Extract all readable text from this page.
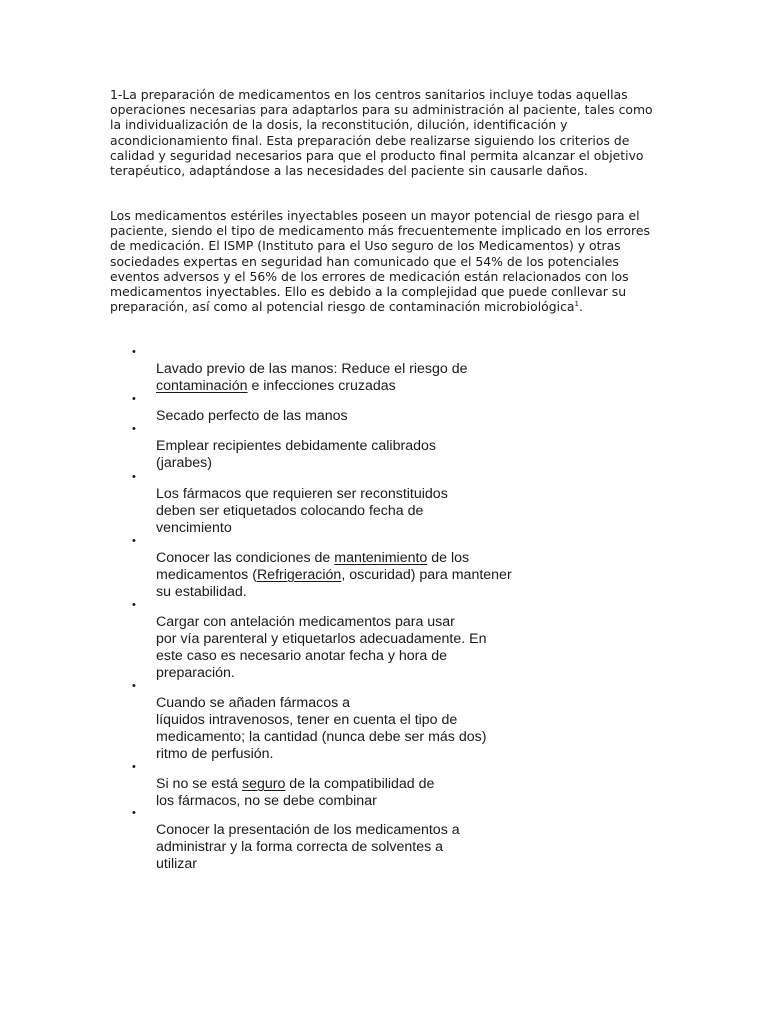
1-La preparación de medicamentos en los centros sanitarios incluye todas aquellas operaciones necesarias para adaptarlos para su administración al paciente, tales como la individualización de la dosis, la reconstitución, dilución, identificación y acondicionamiento final. Esta preparación debe realizarse siguiendo los criterios de calidad y seguridad necesarios para que el producto final permita alcanzar el objetivo terapéutico, adaptándose a las necesidades del paciente sin causarle daños.

Los medicamentos estériles inyectables poseen un mayor potencial de riesgo para el paciente, siendo el tipo de medicamento más frecuentemente implicado en los errores de medicación. El ISMP (Instituto para el Uso seguro de los Medicamentos) y otras sociedades expertas en seguridad han comunicado que el 54% de los potenciales eventos adversos y el 56% de los errores de medicación están relacionados con los medicamentos inyectables. Ello es debido a la complejidad que puede conllevar su preparación, así como al potencial riesgo de contaminación microbiológica$^1$.

•
Lavado previo de las manos: Reduce el riesgo de
contaminación e infecciones cruzadas

•
Secado perfecto de las manos

•
Emplear recipientes debidamente calibrados
(jarabes)

•
Los fármacos que requieren ser reconstituidos
deben ser etiquetados colocando fecha de
vencimiento

•
Conocer las condiciones de mantenimiento de los
medicamentos (Refrigeración, oscuridad) para mantener
su estabilidad.

•
Cargar con antelación medicamentos para usar
por vía parenteral y etiquetarlos adecuadamente. En
este caso es necesario anotar fecha y hora de
preparación.

•
Cuando se añaden fármacos a
líquidos intravenosos, tener en cuenta el tipo de
medicamento; la cantidad (nunca debe ser más dos)
ritmo de perfusión.

•
Si no se está seguro de la compatibilidad de
los fármacos, no se debe combinar

•
Conocer la presentación de los medicamentos a
administrar y la forma correcta de solventes a
utilizar
